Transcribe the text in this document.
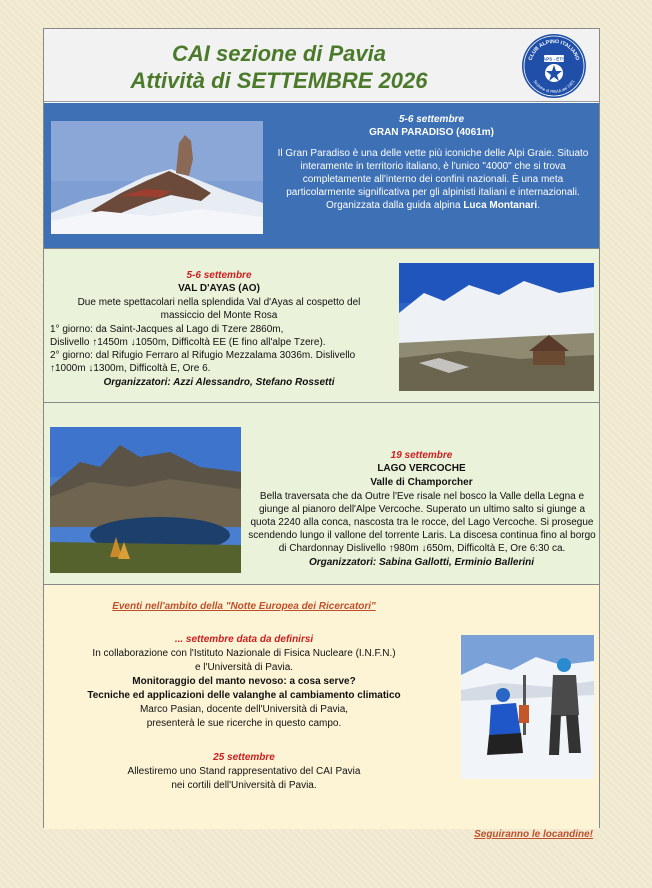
CAI sezione di Pavia
Attività di SETTEMBRE 2026
CLUB ALPINO ITALIANO
APS - ETS
Sezione di PAVIA dal 1921
5-6 settembre
GRAN PARADISO (4061m)
Il Gran Paradiso è una delle vette più iconiche delle Alpi Graie. Situato interamente in territorio italiano, è l'unico "4000" che si trova completamente all'interno dei confini nazionali. È una meta particolarmente significativa per gli alpinisti italiani e internazionali. Organizzata dalla guida alpina Luca Montanari.
5-6 settembre
VAL D'AYAS (AO)
Due mete spettacolari nella splendida Val d'Ayas al cospetto del
massiccio del Monte Rosa
1° giorno: da Saint-Jacques al Lago di Tzere 2860m,
Dislivello ↑1450m ↓1050m, Difficoltà EE (E fino all'alpe Tzere).
2° giorno: dal Rifugio Ferraro al Rifugio Mezzalama 3036m. Dislivello
↑1000m ↓1300m, Difficoltà E, Ore 6.
Organizzatori: Azzi Alessandro, Stefano Rossetti
19 settembre
LAGO VERCOCHE
Valle di Champorcher
Bella traversata che da Outre l'Eve risale nel bosco la Valle della Legna e giunge al pianoro dell'Alpe Vercoche. Superato un ultimo salto si giunge a quota 2240 alla conca, nascosta tra le rocce, del Lago Vercoche. Si prosegue scendendo lungo il vallone del torrente Laris. La discesa continua fino al borgo di Chardonnay Dislivello ↑980m ↓650m, Difficoltà E, Ore 6:30 ca.
Organizzatori: Sabina Gallotti, Erminio Ballerini
Eventi nell'ambito della "Notte Europea dei Ricercatori"
... settembre data da definirsi
In collaborazione con l'Istituto Nazionale di Fisica Nucleare (I.N.F.N.)
e l'Università di Pavia.
Monitoraggio del manto nevoso: a cosa serve?
Tecniche ed applicazioni delle valanghe al cambiamento climatico
Marco Pasian, docente dell'Università di Pavia,
presenterà le sue ricerche in questo campo.
25 settembre
Allestiremo uno Stand rappresentativo del CAI Pavia
nei cortili dell'Università di Pavia.
Seguiranno le locandine!
